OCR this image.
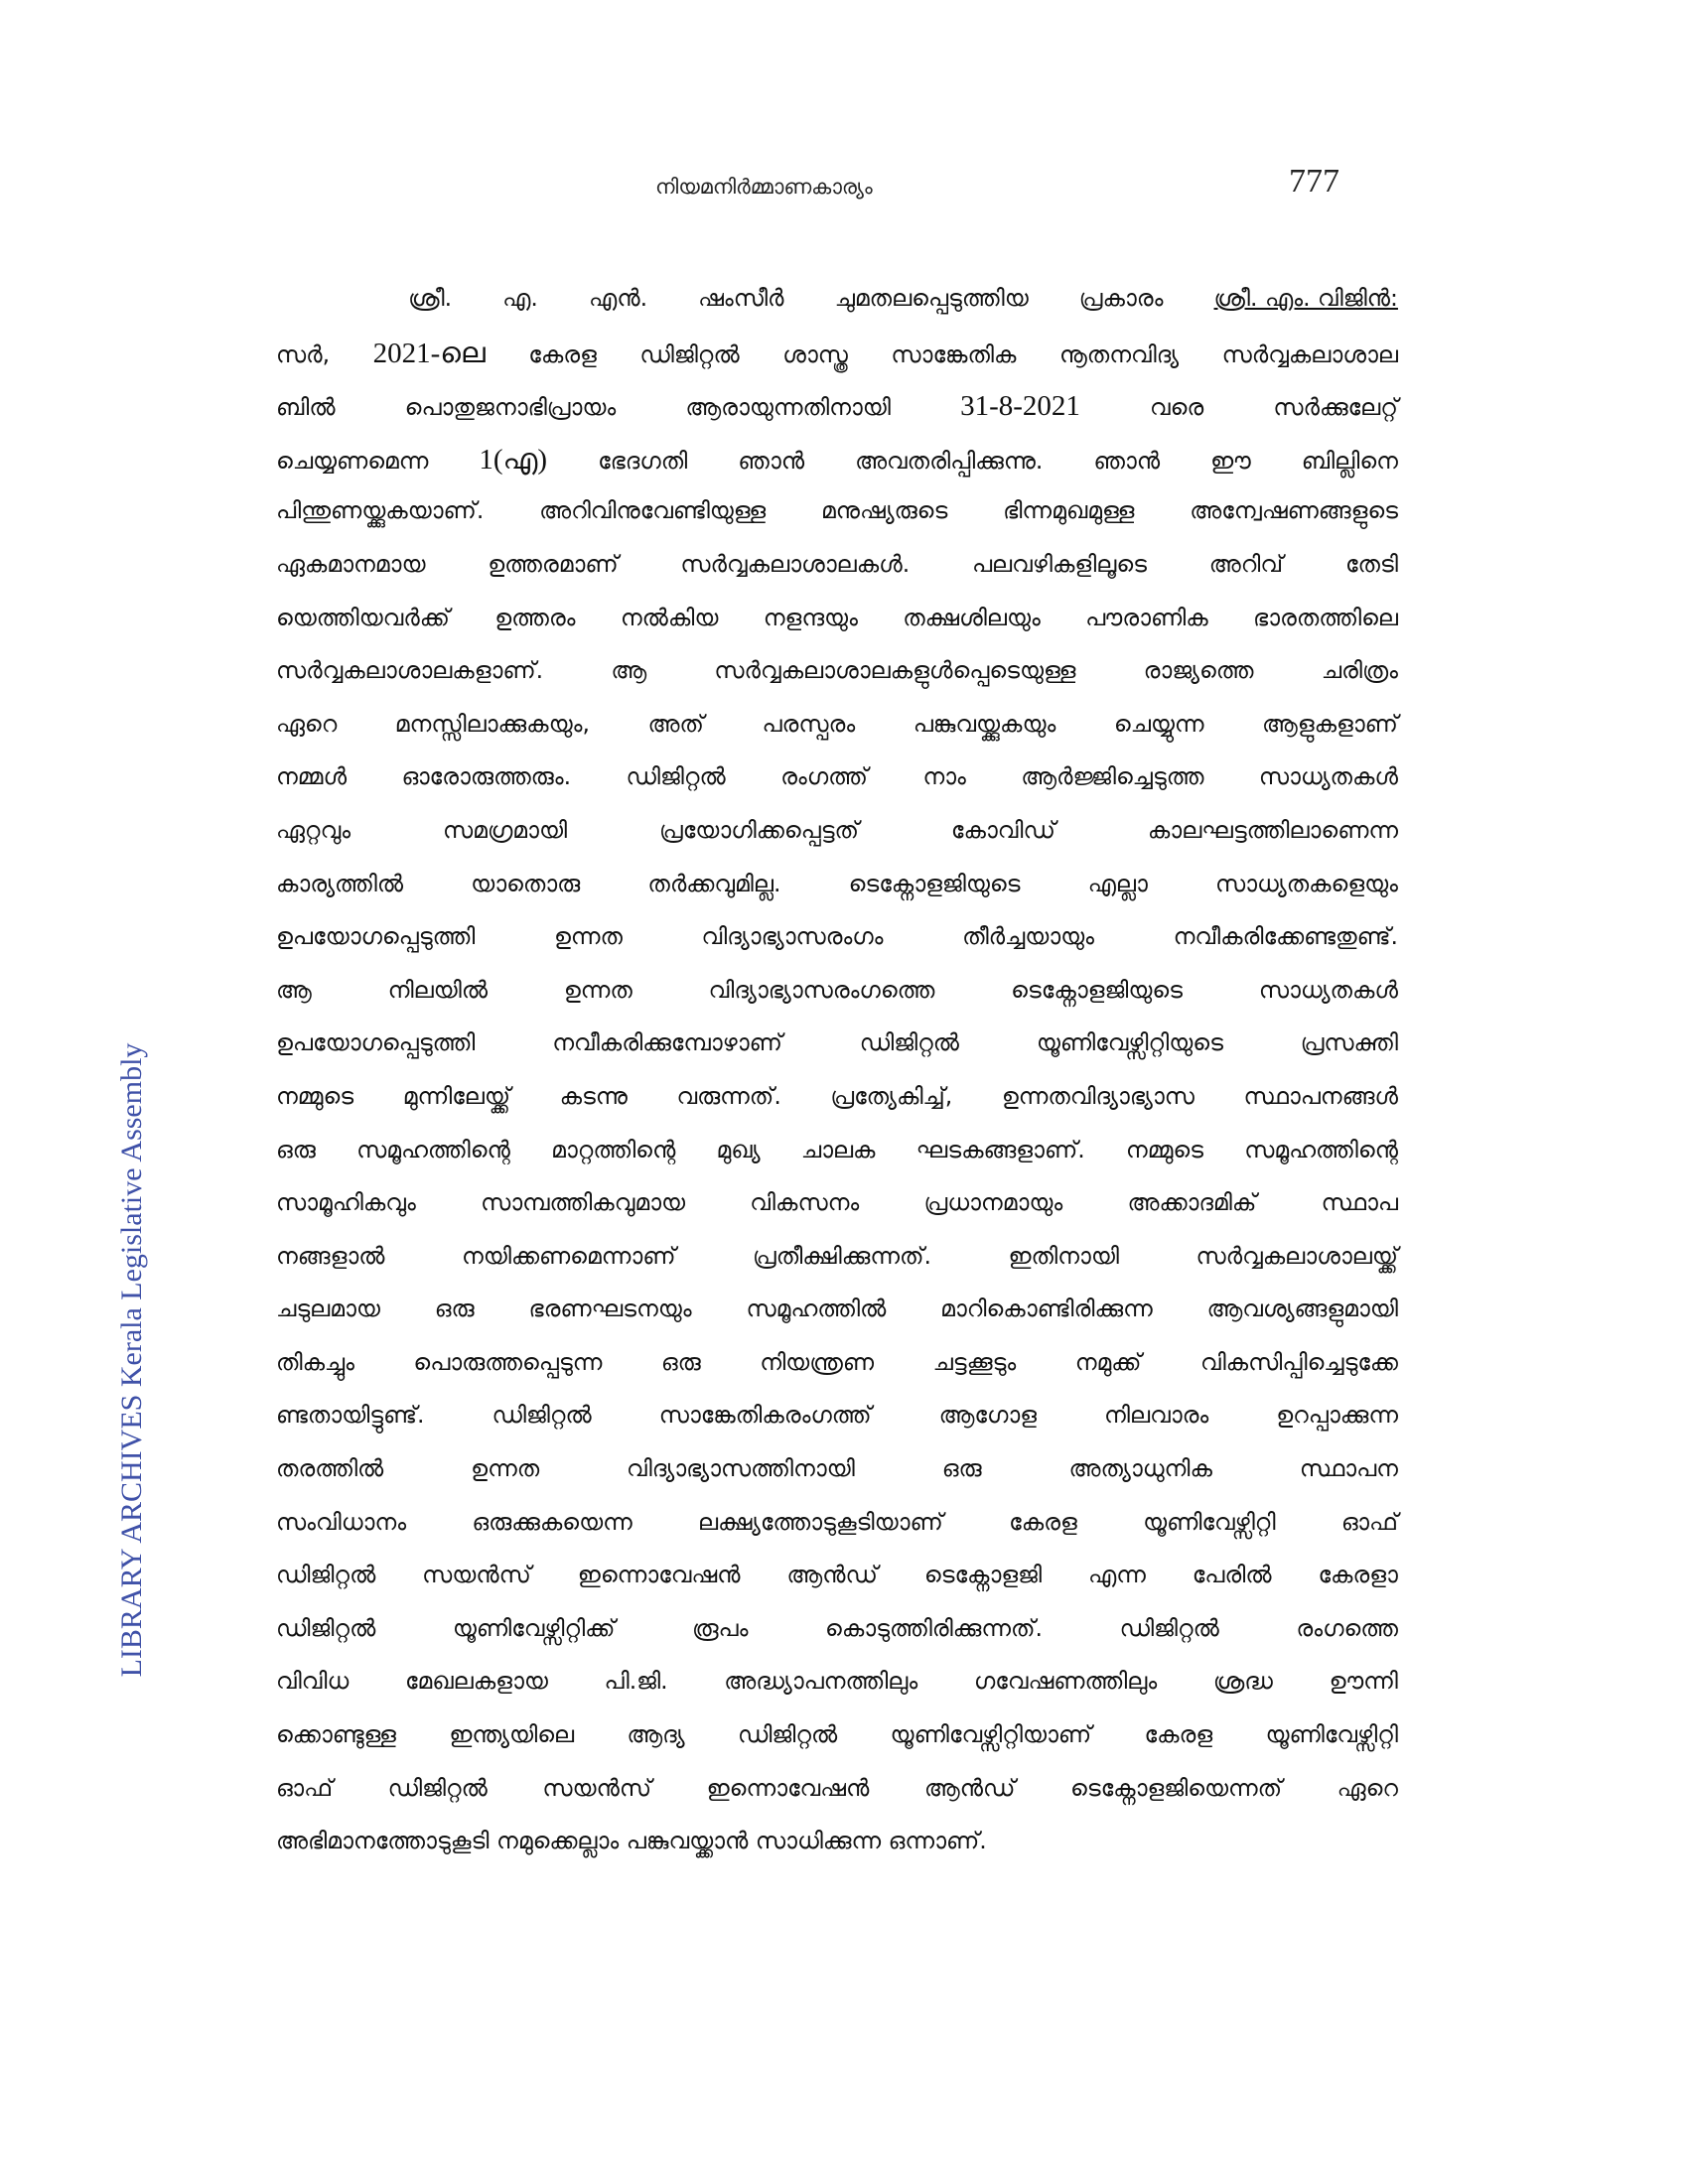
നിയമനിർമ്മാണകാര്യം	777
LIBRARY ARCHIVES Kerala Legislative Assembly
ശ്രീ. എ. എൻ. ഷംസീർ ചുമതലപ്പെടുത്തിയ പ്രകാരം ശ്രീ. എം. വിജിൻ:
സർ, 2021-ലെ കേരള ഡിജിറ്റൽ ശാസ്ത്ര സാങ്കേതിക നൂതനവിദ്യ സർവ്വകലാശാല
ബിൽ	പൊതുജനാഭിപ്രായം	ആരായുന്നതിനായി 31-8-2021	വരെ	സർക്കുലേറ്റ്
ചെയ്യണമെന്ന 1(എ) ഭേദഗതി ഞാൻ അവതരിപ്പിക്കുന്നു. ഞാൻ ഈ ബില്ലിനെ
പിന്തുണയ്ക്കുകയാണ്. അറിവിനുവേണ്ടിയുള്ള മനുഷ്യരുടെ ഭിന്നമുഖമുള്ള അന്വേഷണങ്ങളുടെ
ഏകമാനമായ	ഉത്തരമാണ്	സർവ്വകലാശാലകൾ.	പലവഴികളിലൂടെ	അറിവ്	തേടി
യെത്തിയവർക്ക് ഉത്തരം നൽകിയ നളന്ദയും തക്ഷശിലയും പൗരാണിക ഭാരതത്തിലെ
സർവ്വകലാശാലകളാണ്.	ആ	സർവ്വകലാശാലകളുൾപ്പെടെയുള്ള	രാജ്യത്തെ	ചരിത്രം
ഏറെ മനസ്സിലാക്കുകയും, അത് പരസ്പരം പങ്കുവയ്ക്കുകയും ചെയ്യുന്ന ആളുകളാണ്
നമ്മൾ ഓരോരുത്തരും. ഡിജിറ്റൽ രംഗത്ത് നാം ആർജ്ജിച്ചെടുത്ത സാധ്യതകൾ
ഏറ്റവും	സമഗ്രമായി	പ്രയോഗിക്കപ്പെട്ടത്	കോവിഡ്	കാലഘട്ടത്തിലാണെന്ന
കാര്യത്തിൽ	യാതൊരു	തർക്കവുമില്ല.	ടെക്നോളജിയുടെ	എല്ലാ	സാധ്യതകളെയും
ഉപയോഗപ്പെടുത്തി	ഉന്നത	വിദ്യാഭ്യാസരംഗം	തീർച്ചയായും	നവീകരിക്കേണ്ടതുണ്ട്.
ആ	നിലയിൽ	ഉന്നത	വിദ്യാഭ്യാസരംഗത്തെ	ടെക്നോളജിയുടെ	സാധ്യതകൾ
ഉപയോഗപ്പെടുത്തി	നവീകരിക്കുമ്പോഴാണ്	ഡിജിറ്റൽ	യൂണിവേഴ്സിറ്റിയുടെ	പ്രസക്തി
നമ്മുടെ മുന്നിലേയ്ക്ക് കടന്നു വരുന്നത്. പ്രത്യേകിച്ച്, ഉന്നതവിദ്യാഭ്യാസ സ്ഥാപനങ്ങൾ
ഒരു സമൂഹത്തിന്റെ മാറ്റത്തിന്റെ മുഖ്യ ചാലക ഘടകങ്ങളാണ്. നമ്മുടെ സമൂഹത്തിന്റെ
സാമൂഹികവും	സാമ്പത്തികവുമായ	വികസനം	പ്രധാനമായും	അക്കാദമിക്	സ്ഥാപ
നങ്ങളാൽ	നയിക്കണമെന്നാണ്	പ്രതീക്ഷിക്കുന്നത്.	ഇതിനായി	സർവ്വകലാശാലയ്ക്ക്
ചടുലമായ ഒരു ഭരണഘടനയും സമൂഹത്തിൽ മാറികൊണ്ടിരിക്കുന്ന ആവശ്യങ്ങളുമായി
തികച്ചും	പൊരുത്തപ്പെടുന്ന	ഒരു	നിയന്ത്രണ	ചട്ടക്കൂടും	നമുക്ക്	വികസിപ്പിച്ചെടുക്കേ
ണ്ടതായിട്ടുണ്ട്.	ഡിജിറ്റൽ	സാങ്കേതികരംഗത്ത്	ആഗോള	നിലവാരം	ഉറപ്പാക്കുന്ന
തരത്തിൽ	ഉന്നത	വിദ്യാഭ്യാസത്തിനായി	ഒരു	അത്യാധുനിക	സ്ഥാപന
സംവിധാനം	ഒരുക്കുകയെന്ന	ലക്ഷ്യത്തോടുകൂടിയാണ്	കേരള	യൂണിവേഴ്സിറ്റി	ഓഫ്
ഡിജിറ്റൽ സയൻസ് ഇന്നൊവേഷൻ ആൻഡ് ടെക്നോളജി എന്ന പേരിൽ കേരളാ
ഡിജിറ്റൽ	യൂണിവേഴ്സിറ്റിക്ക്	രൂപം	കൊടുത്തിരിക്കുന്നത്.	ഡിജിറ്റൽ	രംഗത്തെ
വിവിധ മേഖലകളായ പി.ജി. അദ്ധ്യാപനത്തിലും ഗവേഷണത്തിലും ശ്രദ്ധ ഊന്നി
ക്കൊണ്ടുള്ള ഇന്ത്യയിലെ ആദ്യ ഡിജിറ്റൽ യൂണിവേഴ്സിറ്റിയാണ് കേരള യൂണിവേഴ്സിറ്റി
ഓഫ് ഡിജിറ്റൽ സയൻസ് ഇന്നൊവേഷൻ ആൻഡ് ടെക്നോളജിയെന്നത് ഏറെ
അഭിമാനത്തോടുകൂടി നമുക്കെല്ലാം പങ്കുവയ്ക്കാൻ സാധിക്കുന്ന ഒന്നാണ്.
